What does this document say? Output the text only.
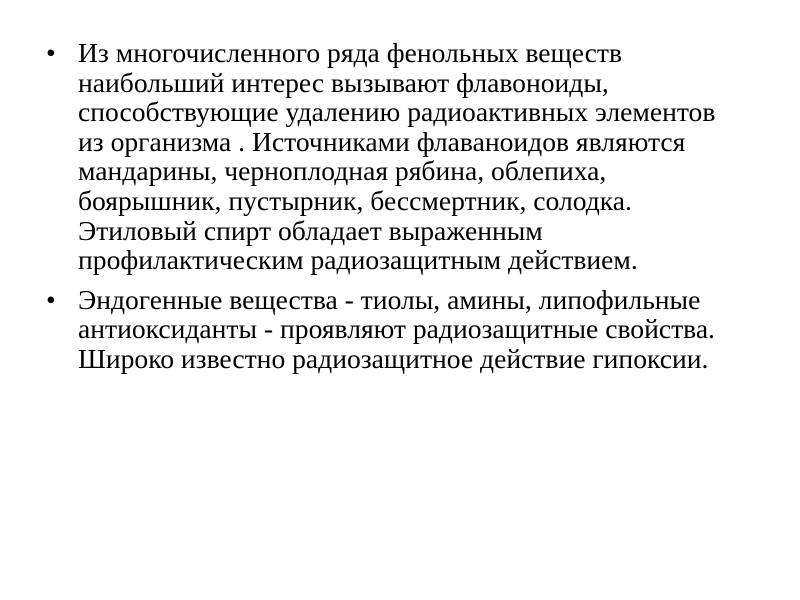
• Из многочисленного ряда фенольных веществ наибольший интерес вызывают флавоноиды, способствующие удалению радиоактивных элементов из организма . Источниками флаваноидов являются мандарины, черноплодная рябина, облепиха, боярышник, пустырник, бессмертник, солодка. Этиловый спирт обладает выраженным профилактическим радиозащитным действием.
• Эндогенные вещества - тиолы, амины, липофильные антиоксиданты - проявляют радиозащитные свойства. Широко известно радиозащитное действие гипоксии.
